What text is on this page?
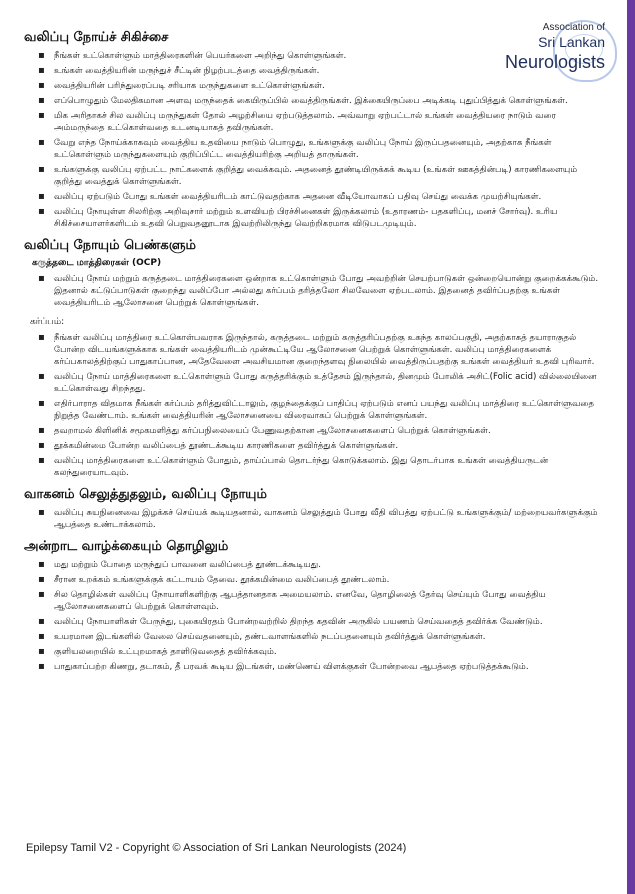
Association of
Sri Lankan
Neurologists
வலிப்பு நோய்ச் சிகிச்சை
▪ நீங்கள் உட்கொள்ளும் மாத்திரைகளின் பெயர்களை அறிந்து கொள்ளுங்கள்.
▪ உங்கள் வைத்தியரின் மருந்துச் சீட்டின் நிழற்படத்தை வைத்திருங்கள்.
▪ வைத்தியரின் பரிந்துரைப்படி சரியாக மருந்துகளை உட்கொள்ளுங்கள்.
▪ எப்பொழுதும் மேலதிகமான அளவு மருந்தைக் கையிருப்பில் வைத்திருங்கள். இக்கையிருப்பை அடிக்கடி புதுப்பித்துக் கொள்ளுங்கள்.
▪ மிக அரிதாகச் சில வலிப்பு மருந்துகள் தோல் அழற்சியை ஏற்படுத்தலாம். அவ்வாறு ஏற்பட்டால் உங்கள் வைத்தியரை நாடும் வரை அம்மருந்தை உட்கொள்வதை உடனடியாகத் தவிருங்கள்.
▪ வேறு எந்த நோய்க்காகவும் வைத்திய உதவியை நாடும் பொழுது, உங்களுக்கு வலிப்பு நோய் இருப்பதனையும், அதற்காக நீங்கள் உட்கொள்ளும் மருந்துகளையும் குறிப்பிட்ட வைத்தியரிற்கு அறியத் தாருங்கள்.
▪ உங்களுக்கு வலிப்பு ஏற்பட்ட நாட்களைக் குறித்து வைக்கவும். அதனைத் தூண்டியிருக்கக் கூடிய (உங்கள் ஊகத்தின்படி) காரணிகளையும் குறித்து வைத்துக் கொள்ளுங்கள்.
▪ வலிப்பு ஏற்படும் போது உங்கள் வைத்தியரிடம் காட்டுவதற்காக அதனை வீடியோவாகப் பதிவு செய்து வைக்க முயற்சியுங்கள்.
▪ வலிப்பு நோயுள்ள சிலரிற்கு அறிவுசார் மற்றும் உளவியற் பிரச்சினைகள் இருக்கலாம் (உதாரணம்- பதகளிப்பு, மனச் சோர்வு). உரிய சிகிச்சையாளர்களிடம் உதவி பெறுவதனூடாக இவற்றிலிருந்து வெற்றிகரமாக விடுபடமுடியும்.
வலிப்பு நோயும் பெண்களும்
கருத்தடை மாத்திரைகள் (OCP)
▪ வலிப்பு நோய் மற்றும் கருத்தடை மாத்திரைகளை ஒன்றாக உட்கொள்ளும் போது அவற்றின் செயற்பாடுகள் ஒன்றையொன்று குறைக்கக்கூடும். இதனால் கட்டுப்பாடுகள் குறைந்து வலிப்போ அல்லது கர்ப்பம் தரித்தலோ சிலவேளை ஏற்படலாம். இதனைத் தவிர்ப்பதற்கு உங்கள் வைத்தியரிடம் ஆலோசனை பெற்றுக் கொள்ளுங்கள்.
கர்ப்பம்:
▪ நீங்கள் வலிப்பு மாத்திரை உட்கொள்பவராக இருந்தால், கருத்தடை மற்றும் கருத்தரிப்பதற்கு உகந்த காலப்பகுதி, அதற்காகத் தயாராகுதல் போன்ற விடயங்களுக்காக உங்கள் வைத்தியரிடம் முன்கூட்டியே ஆலோசனை பெற்றுக் கொள்ளுங்கள். வலிப்பு மாத்திரைகளைக் கர்ப்பகாலத்திற்குப் பாதுகாப்பான, அதேவேளை அவசியமான குறைந்தளவு நிலையில் வைத்திருப்பதற்கு உங்கள் வைத்தியர் உதவி புரிவார்.
▪ வலிப்பு நோய் மாத்திரைகளை உட்கொள்ளும் போது கருத்தரிக்கும் உத்தேசம் இருந்தால், தினமும் போலிக் அசிட்(Folic acid) வில்லையினை உட்கொள்வது சிறந்தது.
▪ எதிர்பாராத விதமாக நீங்கள் கர்ப்பம் தரித்துவிட்டாலும், குழந்தைக்குப் பாதிப்பு ஏற்படும் எனப் பயந்து வலிப்பு மாத்திரை உட்கொள்ளுவதை நிறுத்த வேண்டாம். உங்கள் வைத்தியரின் ஆலோசனையை விரைவாகப் பெற்றுக் கொள்ளுங்கள்.
▪ தவறாமல் கிளினிக் சமூகமளித்து கர்ப்பநிலையைப் பேணுவதற்கான ஆலோசனைகளைப் பெற்றுக் கொள்ளுங்கள்.
▪ தூக்கமின்மை போன்ற வலிப்பைத் தூண்டக்கூடிய காரணிகளை தவிர்த்துக் கொள்ளுங்கள்.
▪ வலிப்பு மாத்திரைகளை உட்கொள்ளும் போதும், தாய்ப்பால் தொடர்ந்து கொடுக்கலாம். இது தொடர்பாக உங்கள் வைத்தியருடன் கலந்துரையாடவும்.
வாகனம் செலுத்துதலும், வலிப்பு நோயும்
▪ வலிப்பு சுயநினைவை இழக்கச் செய்யக் கூடியதனால், வாகனம் செலுத்தும் போது வீதி விபத்து ஏற்பட்டு உங்களுக்கும்/ மற்றையவர்களுக்கும் ஆபத்தை உண்டாக்கலாம்.
அன்றாட வாழ்க்கையும் தொழிலும்
▪ மது மற்றும் போதை மருந்துப் பாவனை வலிப்பைத் தூண்டக்கூடியது.
▪ சீரான உறக்கம் உங்களுக்குக் கட்டாயம் தேவை. தூக்கமின்மை வலிப்பைத் தூண்டலாம்.
▪ சில தொழில்கள் வலிப்பு நோயாளிகளிற்கு ஆபத்தானதாக அமையலாம். எனவே, தொழிலைத் தேர்வு செய்யும் போது வைத்திய ஆலோசனைகளைப் பெற்றுக் கொள்ளவும்.
▪ வலிப்பு நோயாளிகள் பேருந்து, புகையிரதம் போன்றவற்றில் திறந்த கதவின் அருகில் பயணம் செய்வதைத் தவிர்க்க வேண்டும்.
▪ உயரமான இடங்களில் வேலை செய்வதனையும், தண்டவாளங்களில் நடப்பதனையும் தவிர்த்துக் கொள்ளுங்கள்.
▪ குளியலறையில் உட்புறமாகத் தாளிடுவதைத் தவிர்க்கவும்.
▪ பாதுகாப்பற்ற கிணறு, தடாகம், தீ பரவக் கூடிய இடங்கள், மண்ணெய் விளக்குகள் போன்றவை ஆபத்தை ஏற்படுத்தக்கூடும்.
Epilepsy Tamil V2 - Copyright © Association of Sri Lankan Neurologists (2024)
